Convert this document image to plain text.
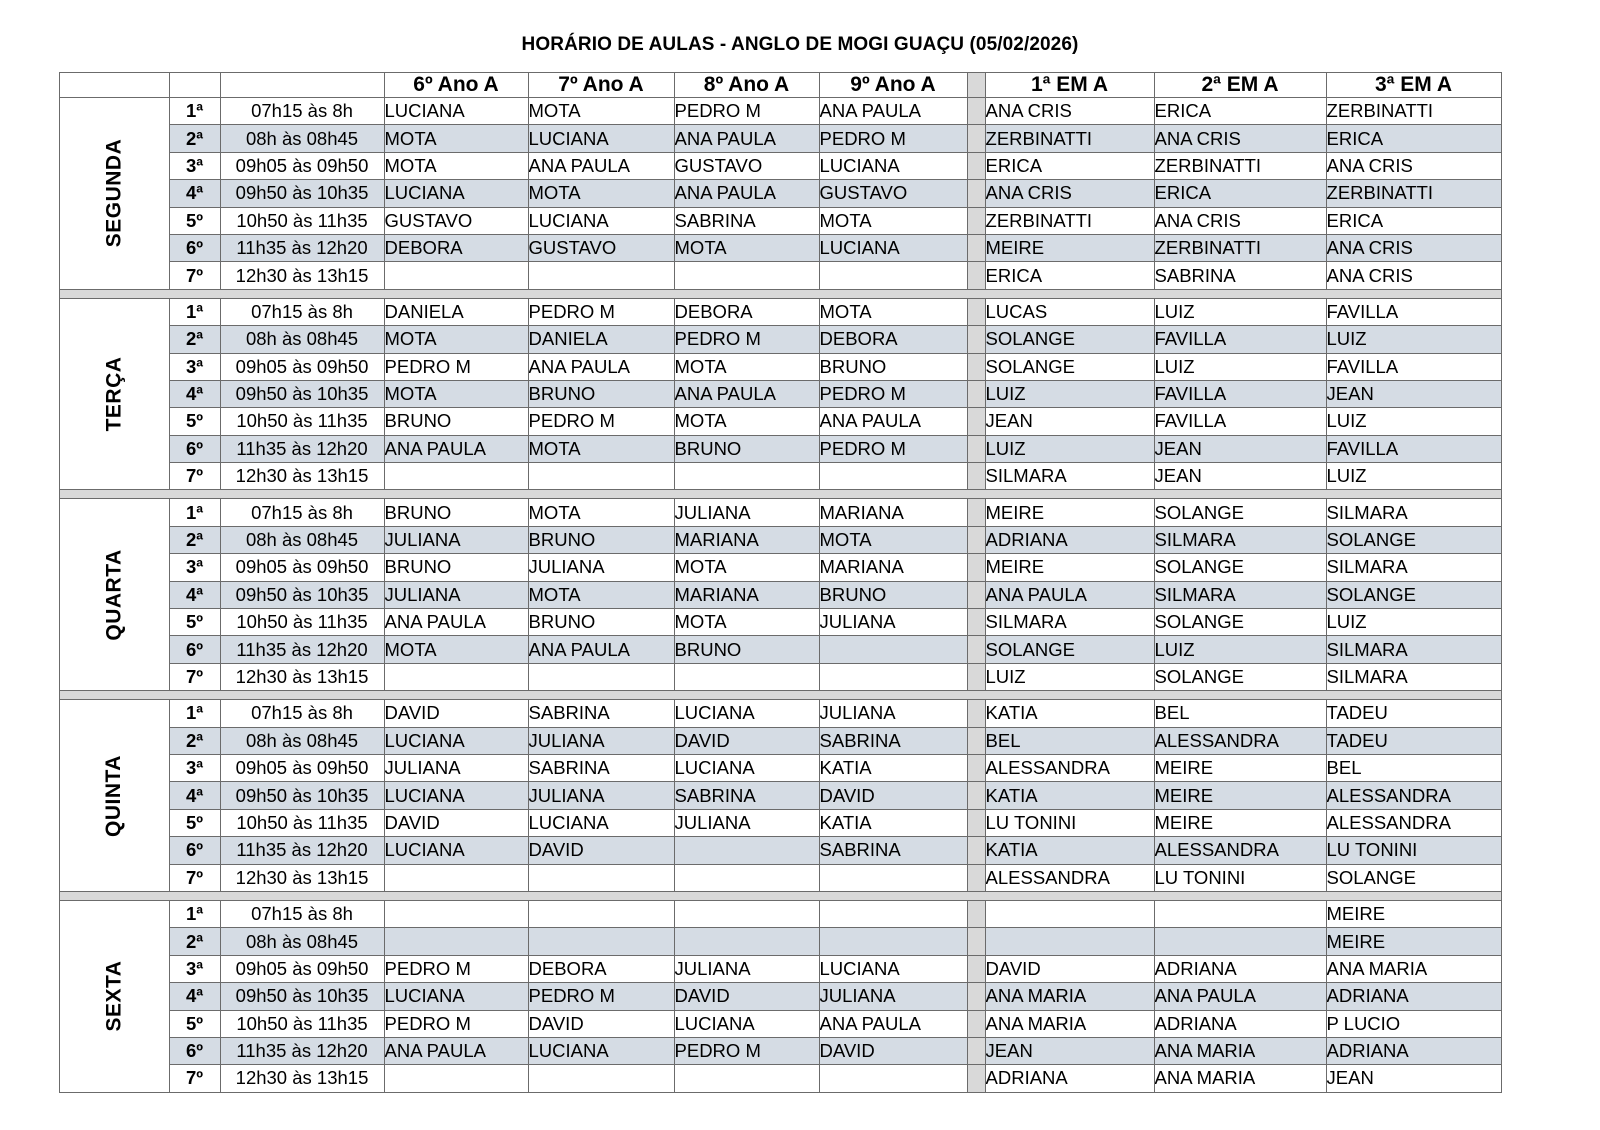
HORÁRIO DE AULAS - ANGLO DE MOGI GUAÇU (05/02/2026)
			6º Ano A	7º Ano A	8º Ano A	9º Ano A		1ª EM A	2ª EM A	3ª EM A
SEGUNDA	1ª	07h15 às 8h	LUCIANA	MOTA	PEDRO M	ANA PAULA		ANA CRIS	ERICA	ZERBINATTI
	2ª	08h às 08h45	MOTA	LUCIANA	ANA PAULA	PEDRO M		ZERBINATTI	ANA CRIS	ERICA
	3ª	09h05 às 09h50	MOTA	ANA PAULA	GUSTAVO	LUCIANA		ERICA	ZERBINATTI	ANA CRIS
	4ª	09h50 às 10h35	LUCIANA	MOTA	ANA PAULA	GUSTAVO		ANA CRIS	ERICA	ZERBINATTI
	5º	10h50 às 11h35	GUSTAVO	LUCIANA	SABRINA	MOTA		ZERBINATTI	ANA CRIS	ERICA
	6º	11h35 às 12h20	DEBORA	GUSTAVO	MOTA	LUCIANA		MEIRE	ZERBINATTI	ANA CRIS
	7º	12h30 às 13h15						ERICA	SABRINA	ANA CRIS

TERÇA	1ª	07h15 às 8h	DANIELA	PEDRO M	DEBORA	MOTA		LUCAS	LUIZ	FAVILLA
	2ª	08h às 08h45	MOTA	DANIELA	PEDRO M	DEBORA		SOLANGE	FAVILLA	LUIZ
	3ª	09h05 às 09h50	PEDRO M	ANA PAULA	MOTA	BRUNO		SOLANGE	LUIZ	FAVILLA
	4ª	09h50 às 10h35	MOTA	BRUNO	ANA PAULA	PEDRO M		LUIZ	FAVILLA	JEAN
	5º	10h50 às 11h35	BRUNO	PEDRO M	MOTA	ANA PAULA		JEAN	FAVILLA	LUIZ
	6º	11h35 às 12h20	ANA PAULA	MOTA	BRUNO	PEDRO M		LUIZ	JEAN	FAVILLA
	7º	12h30 às 13h15						SILMARA	JEAN	LUIZ

QUARTA	1ª	07h15 às 8h	BRUNO	MOTA	JULIANA	MARIANA		MEIRE	SOLANGE	SILMARA
	2ª	08h às 08h45	JULIANA	BRUNO	MARIANA	MOTA		ADRIANA	SILMARA	SOLANGE
	3ª	09h05 às 09h50	BRUNO	JULIANA	MOTA	MARIANA		MEIRE	SOLANGE	SILMARA
	4ª	09h50 às 10h35	JULIANA	MOTA	MARIANA	BRUNO		ANA PAULA	SILMARA	SOLANGE
	5º	10h50 às 11h35	ANA PAULA	BRUNO	MOTA	JULIANA		SILMARA	SOLANGE	LUIZ
	6º	11h35 às 12h20	MOTA	ANA PAULA	BRUNO			SOLANGE	LUIZ	SILMARA
	7º	12h30 às 13h15						LUIZ	SOLANGE	SILMARA

QUINTA	1ª	07h15 às 8h	DAVID	SABRINA	LUCIANA	JULIANA		KATIA	BEL	TADEU
	2ª	08h às 08h45	LUCIANA	JULIANA	DAVID	SABRINA		BEL	ALESSANDRA	TADEU
	3ª	09h05 às 09h50	JULIANA	SABRINA	LUCIANA	KATIA		ALESSANDRA	MEIRE	BEL
	4ª	09h50 às 10h35	LUCIANA	JULIANA	SABRINA	DAVID		KATIA	MEIRE	ALESSANDRA
	5º	10h50 às 11h35	DAVID	LUCIANA	JULIANA	KATIA		LU TONINI	MEIRE	ALESSANDRA
	6º	11h35 às 12h20	LUCIANA	DAVID		SABRINA		KATIA	ALESSANDRA	LU TONINI
	7º	12h30 às 13h15						ALESSANDRA	LU TONINI	SOLANGE

SEXTA	1ª	07h15 às 8h								MEIRE
	2ª	08h às 08h45								MEIRE
	3ª	09h05 às 09h50	PEDRO M	DEBORA	JULIANA	LUCIANA		DAVID	ADRIANA	ANA MARIA
	4ª	09h50 às 10h35	LUCIANA	PEDRO M	DAVID	JULIANA		ANA MARIA	ANA PAULA	ADRIANA
	5º	10h50 às 11h35	PEDRO M	DAVID	LUCIANA	ANA PAULA		ANA MARIA	ADRIANA	P LUCIO
	6º	11h35 às 12h20	ANA PAULA	LUCIANA	PEDRO M	DAVID		JEAN	ANA MARIA	ADRIANA
	7º	12h30 às 13h15						ADRIANA	ANA MARIA	JEAN
